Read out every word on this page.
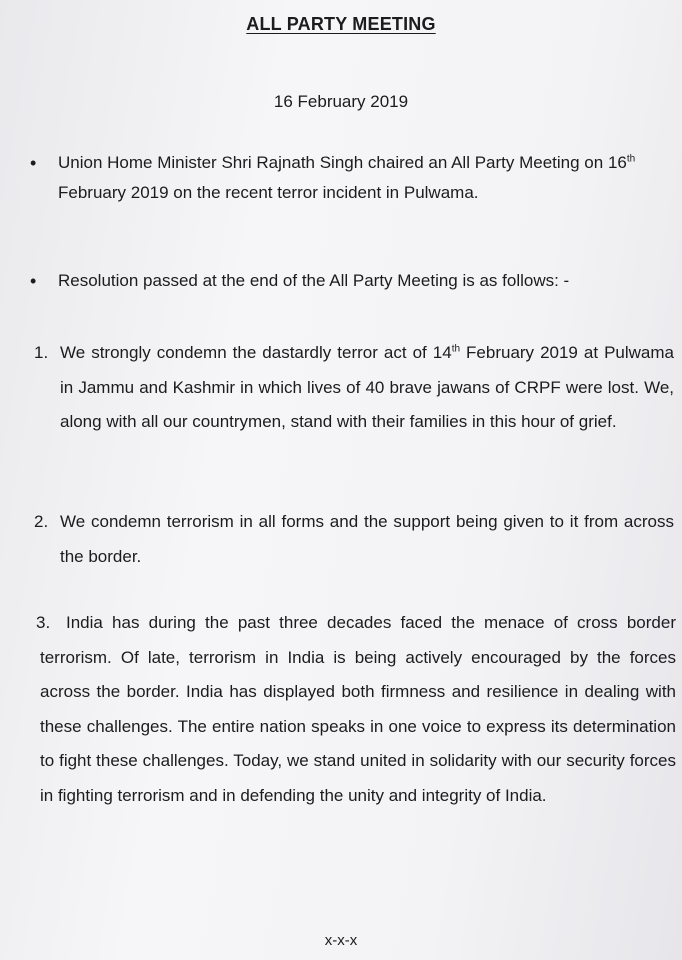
ALL PARTY MEETING
16 February 2019
• Union Home Minister Shri Rajnath Singh chaired an All Party Meeting on 16th February 2019 on the recent terror incident in Pulwama.
• Resolution passed at the end of the All Party Meeting is as follows: -
1. We strongly condemn the dastardly terror act of 14th February 2019 at Pulwama in Jammu and Kashmir in which lives of 40 brave jawans of CRPF were lost. We, along with all our countrymen, stand with their families in this hour of grief.
2. We condemn terrorism in all forms and the support being given to it from across the border.
3. India has during the past three decades faced the menace of cross border terrorism. Of late, terrorism in India is being actively encouraged by the forces across the border. India has displayed both firmness and resilience in dealing with these challenges. The entire nation speaks in one voice to express its determination to fight these challenges. Today, we stand united in solidarity with our security forces in fighting terrorism and in defending the unity and integrity of India.
x-x-x
